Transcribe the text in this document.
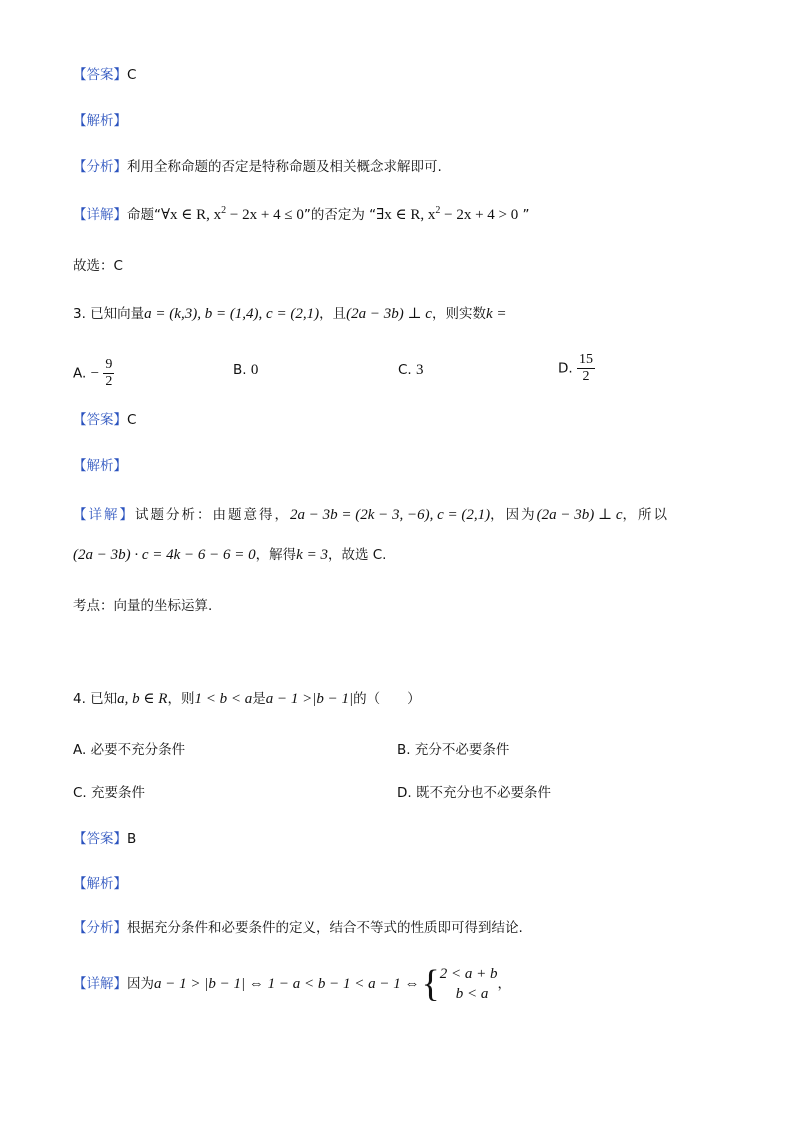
【答案】C
【解析】
【分析】利用全称命题的否定是特称命题及相关概念求解即可.
【详解】命题“∀x ∈ R, $x^2 - 2x + 4 \le 0$”的否定为 “∃x ∈ R, $x^2 - 2x + 4 > 0$ ”
故选：C
3. 已知向量a = (k,3), b = (1,4), c = (2,1)，且(2a − 3b) ⊥ c，则实数k =
A. − $\frac{9}{2}$	B. 0	C. 3	D. $\frac{15}{2}$
【答案】C
【解析】
【详解】试题分析：由题意得，2a − 3b = (2k − 3, −6), c = (2,1)，因为(2a − 3b) ⊥ c，所以
(2a − 3b) · c = 4k − 6 − 6 = 0，解得k = 3，故选 C.
考点：向量的坐标运算.
4. 已知a, b ∈ R，则1 < b < a是a − 1 >|b − 1|的（　　）
A. 必要不充分条件	B. 充分不必要条件
C. 充要条件	D. 既不充分也不必要条件
【答案】B
【解析】
【分析】根据充分条件和必要条件的定义，结合不等式的性质即可得到结论.
【详解】因为a − 1 > |b − 1| ⇔ 1 − a < b − 1 < a − 1 ⇔{ 2 < a + b
b < a
，
